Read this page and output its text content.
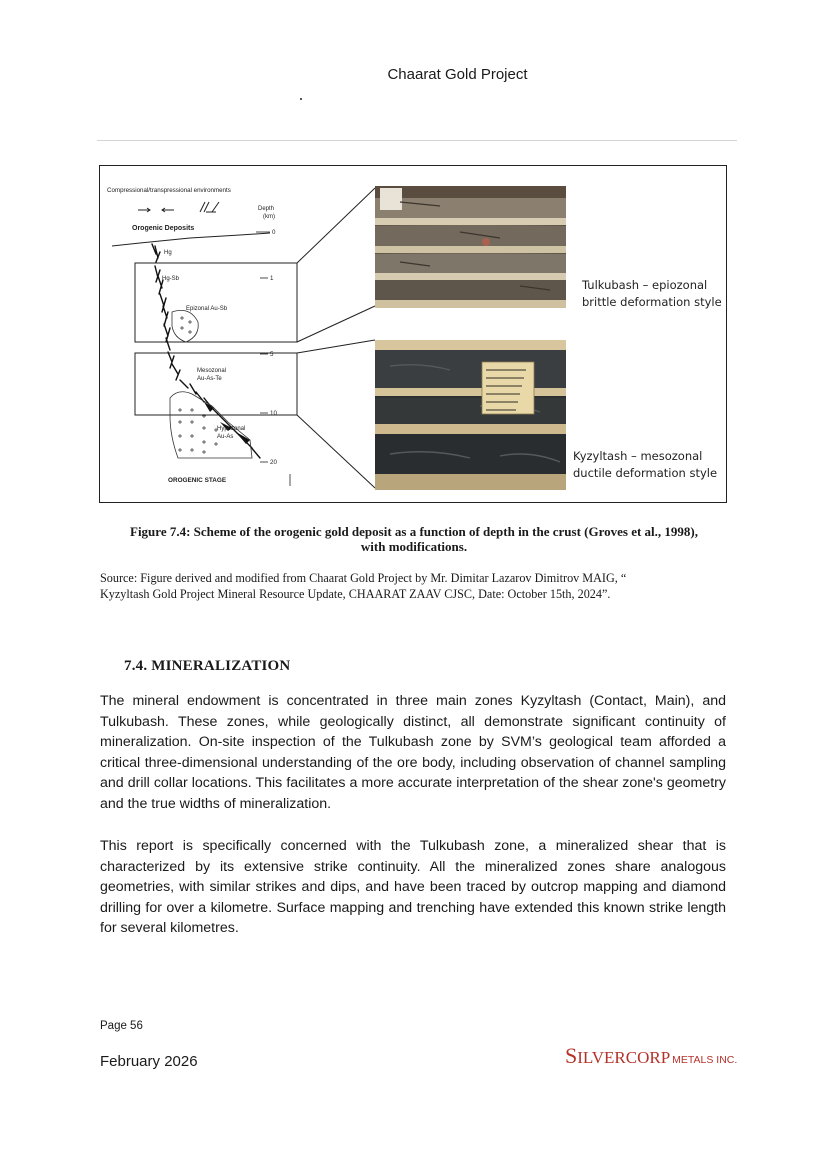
Chaarat Gold Project
Compressional/transpressional environments
Depth
(km)
Orogenic Deposits
0
1
5
10
20
Hg
Hg-Sb
Epizonal Au-Sb
Mesozonal
Au-As-Te
Hypozonal
Au-As
OROGENIC STAGE
Tulkubash – epiozonal
brittle deformation style
Kyzyltash – mesozonal
ductile deformation style
Figure 7.4: Scheme of the orogenic gold deposit as a function of depth in the crust (Groves et al., 1998),
with modifications.
Source: Figure derived and modified from Chaarat Gold Project by Mr. Dimitar Lazarov Dimitrov MAIG, “
Kyzyltash Gold Project Mineral Resource Update, CHAARAT ZAAV CJSC, Date: October 15th, 2024”.
7.4. MINERALIZATION
The mineral endowment is concentrated in three main zones Kyzyltash (Contact, Main), and Tulkubash. These zones, while geologically distinct, all demonstrate significant continuity of mineralization. On-site inspection of the Tulkubash zone by SVM’s geological team afforded a critical three-dimensional understanding of the ore body, including observation of channel sampling and drill collar locations. This facilitates a more accurate interpretation of the shear zone's geometry and the true widths of mineralization.
This report is specifically concerned with the Tulkubash zone, a mineralized shear that is characterized by its extensive strike continuity. All the mineralized zones share analogous geometries, with similar strikes and dips, and have been traced by outcrop mapping and diamond drilling for over a kilometre. Surface mapping and trenching have extended this known strike length for several kilometres.
Page 56
February 2026	SILVERCORP METALS INC.
